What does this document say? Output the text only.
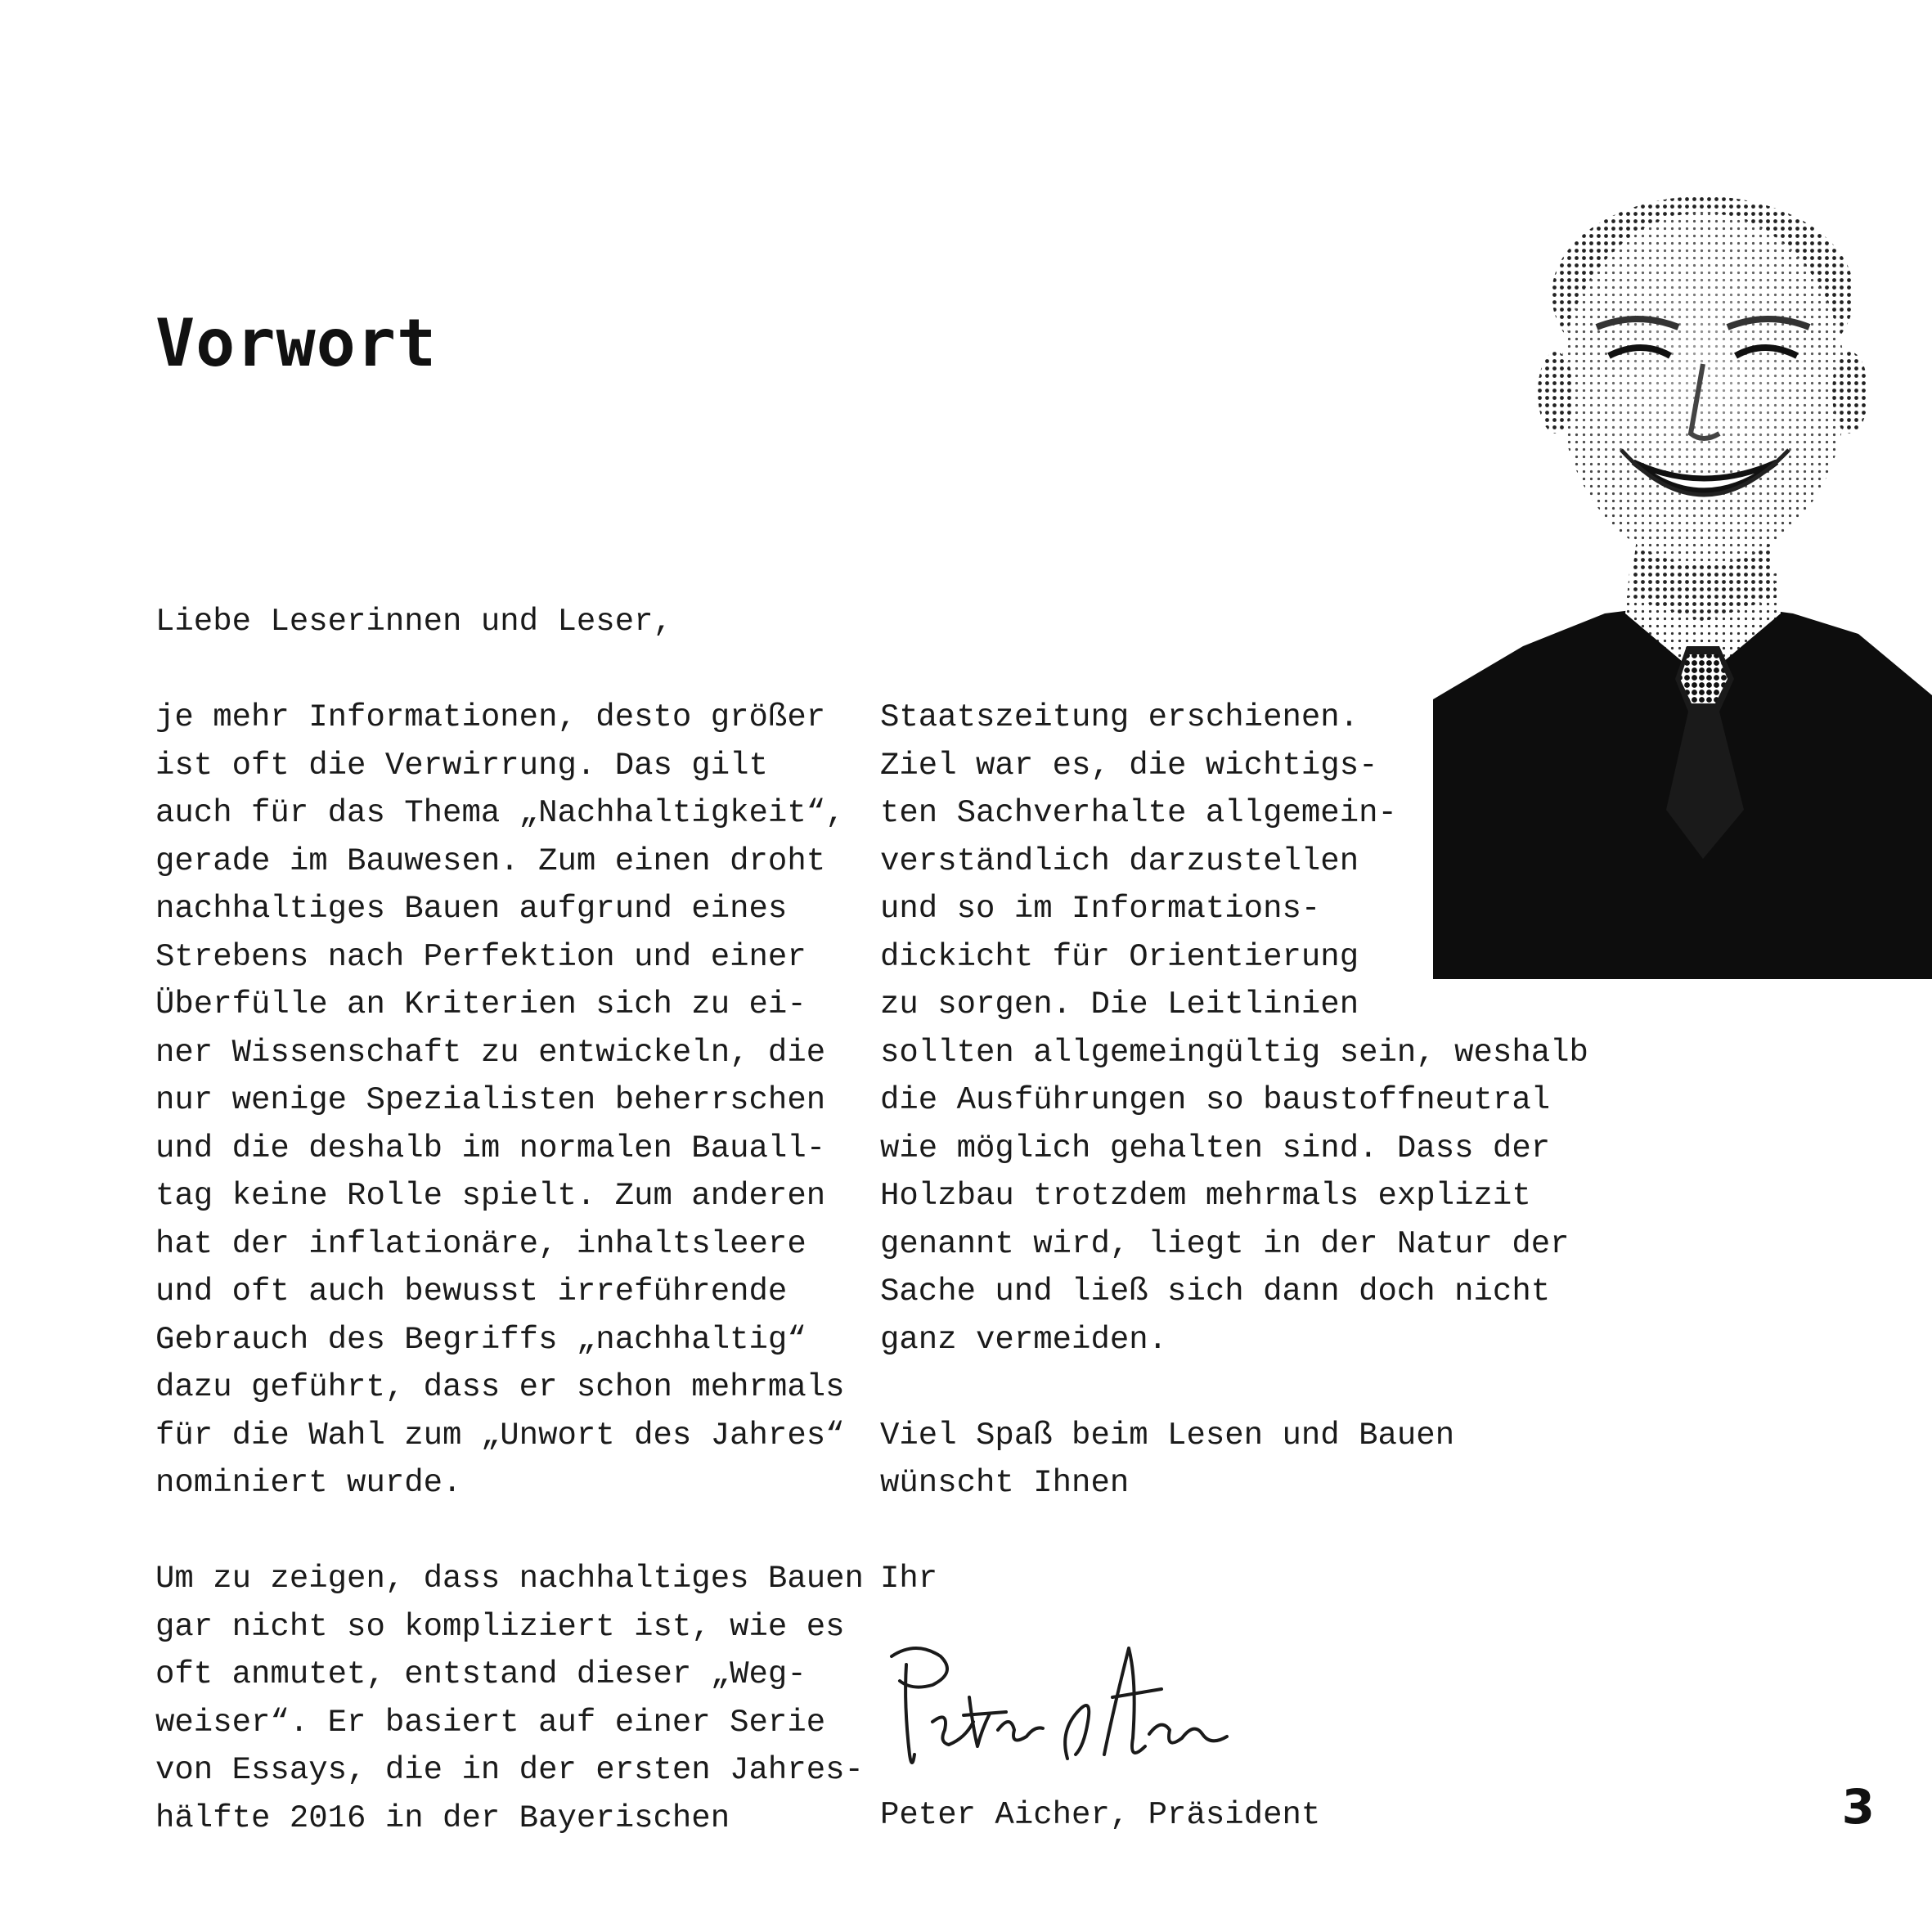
Vorwort

Liebe Leserinnen und Leser,

je mehr Informationen, desto größer
ist oft die Verwirrung. Das gilt
auch für das Thema „Nachhaltigkeit“,
gerade im Bauwesen. Zum einen droht
nachhaltiges Bauen aufgrund eines
Strebens nach Perfektion und einer
Überfülle an Kriterien sich zu ei-
ner Wissenschaft zu entwickeln, die
nur wenige Spezialisten beherrschen
und die deshalb im normalen Bauall-
tag keine Rolle spielt. Zum anderen
hat der inflationäre, inhaltsleere
und oft auch bewusst irreführende
Gebrauch des Begriffs „nachhaltig“
dazu geführt, dass er schon mehrmals
für die Wahl zum „Unwort des Jahres“
nominiert wurde.

Um zu zeigen, dass nachhaltiges Bauen
gar nicht so kompliziert ist, wie es
oft anmutet, entstand dieser „Weg-
weiser“. Er basiert auf einer Serie
von Essays, die in der ersten Jahres-
hälfte 2016 in der Bayerischen

Staatszeitung erschienen.
Ziel war es, die wichtigs-
ten Sachverhalte allgemein-
verständlich darzustellen
und so im Informations-
dickicht für Orientierung
zu sorgen. Die Leitlinien
sollten allgemeingültig sein, weshalb
die Ausführungen so baustoffneutral
wie möglich gehalten sind. Dass der
Holzbau trotzdem mehrmals explizit
genannt wird, liegt in der Natur der
Sache und ließ sich dann doch nicht
ganz vermeiden.

Viel Spaß beim Lesen und Bauen
wünscht Ihnen

Ihr

Peter Aicher, Präsident	3
